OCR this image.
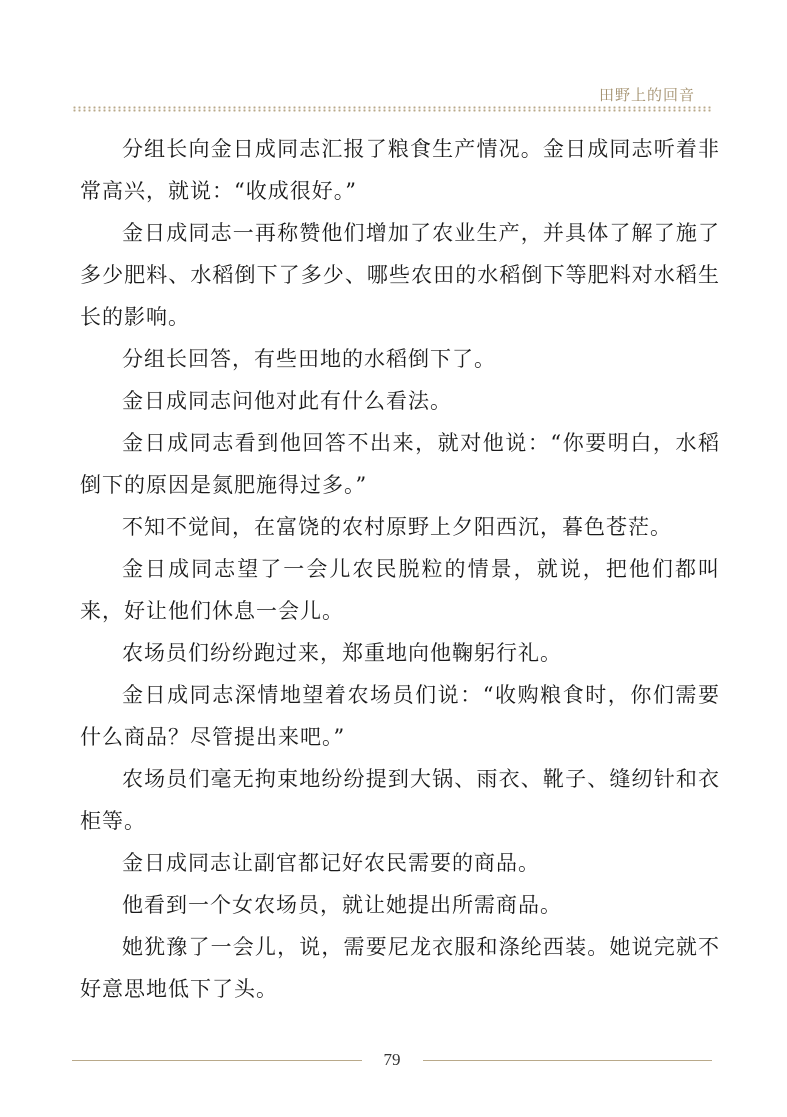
田野上的回音

分组长向金日成同志汇报了粮食生产情况。金日成同志听着非常高兴，就说：“收成很好。”

金日成同志一再称赞他们增加了农业生产，并具体了解了施了多少肥料、水稻倒下了多少、哪些农田的水稻倒下等肥料对水稻生长的影响。

分组长回答，有些田地的水稻倒下了。

金日成同志问他对此有什么看法。

金日成同志看到他回答不出来，就对他说：“你要明白，水稻倒下的原因是氮肥施得过多。”

不知不觉间，在富饶的农村原野上夕阳西沉，暮色苍茫。

金日成同志望了一会儿农民脱粒的情景，就说，把他们都叫来，好让他们休息一会儿。

农场员们纷纷跑过来，郑重地向他鞠躬行礼。

金日成同志深情地望着农场员们说：“收购粮食时，你们需要什么商品？尽管提出来吧。”

农场员们毫无拘束地纷纷提到大锅、雨衣、靴子、缝纫针和衣柜等。

金日成同志让副官都记好农民需要的商品。

他看到一个女农场员，就让她提出所需商品。

她犹豫了一会儿，说，需要尼龙衣服和涤纶西装。她说完就不好意思地低下了头。

79
